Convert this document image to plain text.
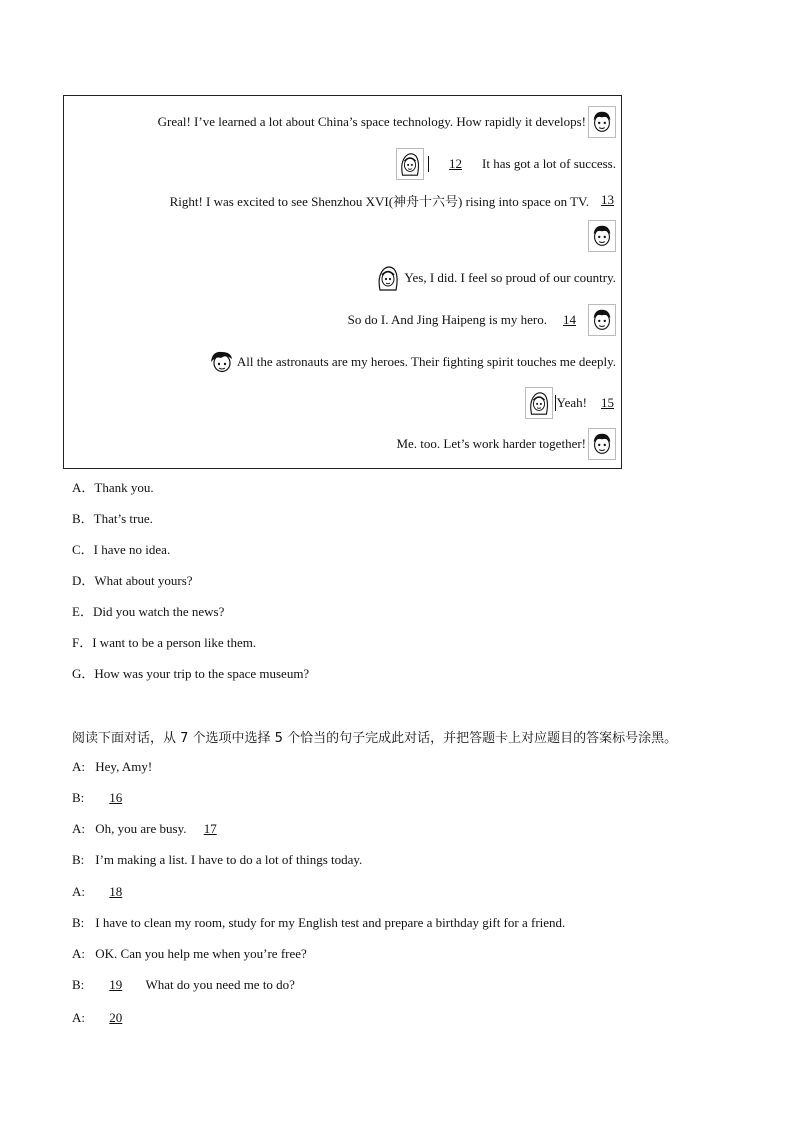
Greal! I’ve learned a lot about China’s space technology. How rapidly it develops!
12	It has got a lot of success.
Right! I was excited to see Shenzhou XVI(神舟十六号) rising into space on TV. 13
Yes, I did. I feel so proud of our country.
So do I. And Jing Haipeng is my hero.	14
All the astronauts are my heroes. Their fighting spirit touches me deeply.
Yeah!	15
Me. too. Let’s work harder together!
A．Thank you.
B．That’s true.
C．I have no idea.
D．What about yours?
E．Did you watch the news?
F．I want to be a person like them.
G．How was your trip to the space museum?
阅读下面对话，从 7 个选项中选择 5 个恰当的句子完成此对话，并把答题卡上对应题目的答案标号涂黑。
A: Hey, Amy!
B: 16
A: Oh, you are busy. 17
B: I’m making a list. I have to do a lot of things today.
A: 18
B: I have to clean my room, study for my English test and prepare a birthday gift for a friend.
A: OK. Can you help me when you’re free?
B: 19 What do you need me to do?
A: 20
